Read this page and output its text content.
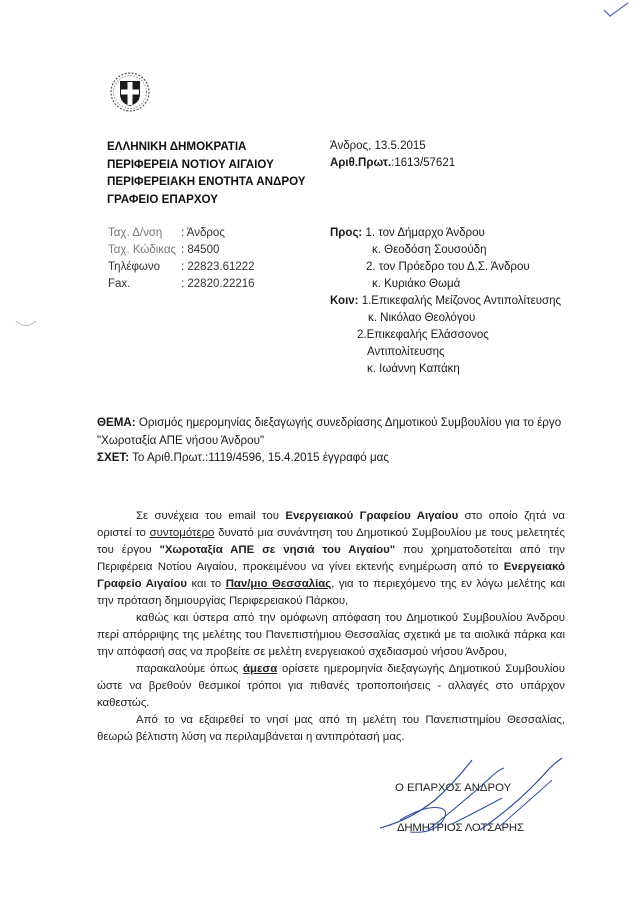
ΕΛΛΗΝΙΚΗ ΔΗΜΟΚΡΑΤΙΑ
ΠΕΡΙΦΕΡΕΙΑ ΝΟΤΙΟΥ ΑΙΓΑΙΟΥ
ΠΕΡΙΦΕΡΕΙΑΚΗ ΕΝΟΤΗΤΑ ΑΝΔΡΟΥ
ΓΡΑΦΕΙΟ ΕΠΑΡΧΟΥ
Άνδρος, 13.5.2015
Αριθ.Πρωτ.:1613/57621
Ταχ. Δ/νση	: Άνδρος
Ταχ. Κώδικας : 84500
Τηλέφωνο	: 22823.61222
Fax.	: 22820.22216
Προς: 1. τον Δήμαρχο Άνδρου
κ. Θεοδόση Σουσούδη
2. τον Πρόεδρο του Δ.Σ. Άνδρου
κ. Κυριάκο Θωμά
Κοιν: 1.Επικεφαλής Μείζονος Αντιπολίτευσης
κ. Νικόλαο Θεολόγου
2.Επικεφαλής Ελάσσονος
Αντιπολίτευσης
κ. Ιωάννη Καπάκη
ΘΕΜΑ: Ορισμός ημερομηνίας διεξαγωγής συνεδρίασης Δημοτικού Συμβουλίου για το έργο
"Χωροταξία ΑΠΕ νήσου Άνδρου"
ΣΧΕΤ: Το Αριθ.Πρωτ.:1119/4596, 15.4.2015 έγγραφό μας

Σε συνέχεια του email του Ενεργειακού Γραφείου Αιγαίου στο οποίο ζητά να οριστεί το συντομότερο δυνατό μια συνάντηση του Δημοτικού Συμβουλίου με τους μελετητές του έργου "Χωροταξία ΑΠΕ σε νησιά του Αιγαίου" που χρηματοδοτείται από την Περιφέρεια Νοτίου Αιγαίου, προκειμένου να γίνει εκτενής ενημέρωση από το Ενεργειακό Γραφείο Αιγαίου και το Παν/μιο Θεσσαλίας, για το περιεχόμενο της εν λόγω μελέτης και την πρόταση δημιουργίας Περιφερειακού Πάρκου,

καθώς και ύστερα από την ομόφωνη απόφαση του Δημοτικού Συμβουλίου Άνδρου περί απόρριψης της μελέτης του Πανεπιστήμιου Θεσσαλίας σχετικά με τα αιολικά πάρκα και την απόφασή σας να προβείτε σε μελέτη ενεργειακού σχεδιασμού νήσου Άνδρου,

παρακαλούμε όπως άμεσα ορίσετε ημερομηνία διεξαγωγής Δημοτικού Συμβουλίου ώστε να βρεθούν θεσμικοί τρόποι για πιθανές τροποποιήσεις - αλλαγές στο υπάρχον καθεστώς.

Από το να εξαιρεθεί το νησί μας από τη μελέτη του Πανεπιστημίου Θεσσαλίας, θεωρώ βέλτιστη λύση να περιλαμβάνεται η αντιπρότασή μας.

Ο ΕΠΑΡΧΟΣ ΑΝΔΡΟΥ
ΔΗΜΗΤΡΙΟΣ ΛΟΤΣΑΡΗΣ
